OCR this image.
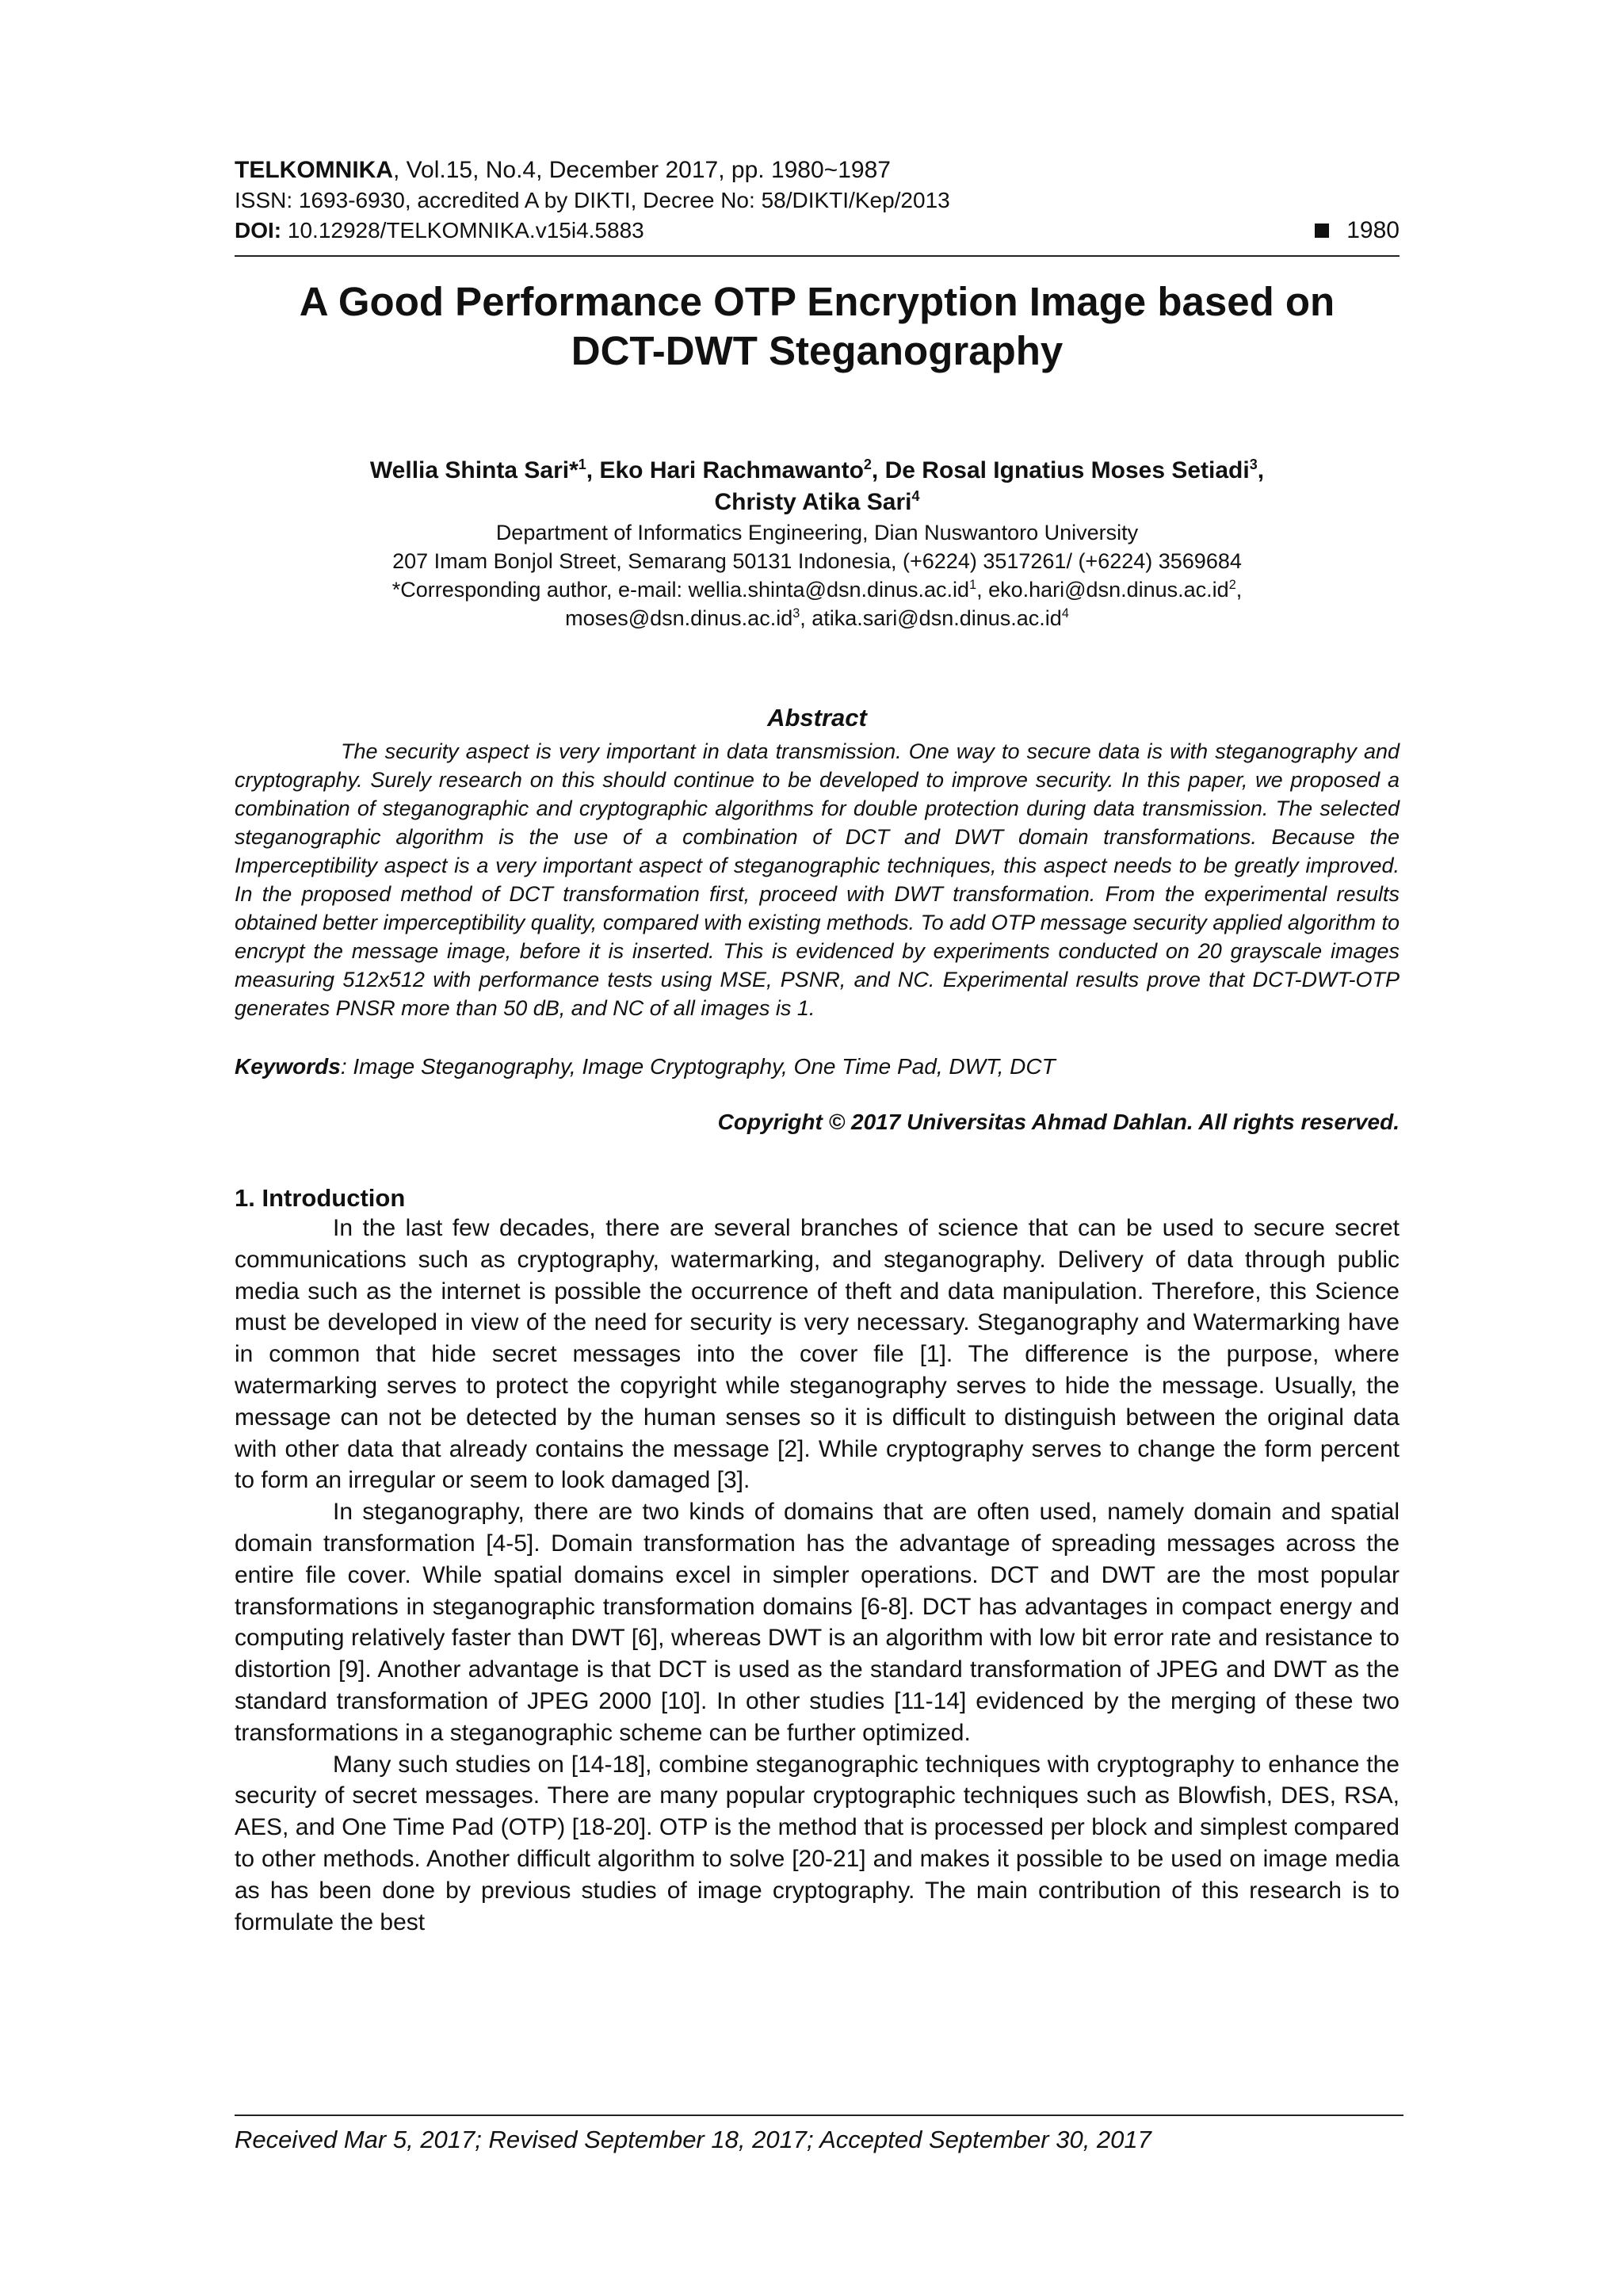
TELKOMNIKA, Vol.15, No.4, December 2017, pp. 1980~1987
ISSN: 1693-6930, accredited A by DIKTI, Decree No: 58/DIKTI/Kep/2013
DOI: 10.12928/TELKOMNIKA.v15i4.5883	1980
A Good Performance OTP Encryption Image based on
DCT-DWT Steganography
Wellia Shinta Sari*$^1$, Eko Hari Rachmawanto$^2$, De Rosal Ignatius Moses Setiadi$^3$,
Christy Atika Sari$^4$
Department of Informatics Engineering, Dian Nuswantoro University
207 Imam Bonjol Street, Semarang 50131 Indonesia, (+6224) 3517261/ (+6224) 3569684
*Corresponding author, e-mail: $wellia.shinta@dsn.dinus.ac.id^1$, $eko.hari@dsn.dinus.ac.id^2$,
$moses@dsn.dinus.ac.id^3$, $atika.sari@dsn.dinus.ac.id^4$
Abstract
The security aspect is very important in data transmission. One way to secure data is with steganography and cryptography. Surely research on this should continue to be developed to improve security. In this paper, we proposed a combination of steganographic and cryptographic algorithms for double protection during data transmission. The selected steganographic algorithm is the use of a combination of DCT and DWT domain transformations. Because the Imperceptibility aspect is a very important aspect of steganographic techniques, this aspect needs to be greatly improved. In the proposed method of DCT transformation first, proceed with DWT transformation. From the experimental results obtained better imperceptibility quality, compared with existing methods. To add OTP message security applied algorithm to encrypt the message image, before it is inserted. This is evidenced by experiments conducted on 20 grayscale images measuring 512x512 with performance tests using MSE, PSNR, and NC. Experimental results prove that DCT-DWT-OTP generates PNSR more than 50 dB, and NC of all images is 1.
Keywords: Image Steganography, Image Cryptography, One Time Pad, DWT, DCT
Copyright © 2017 Universitas Ahmad Dahlan. All rights reserved.
1. Introduction
In the last few decades, there are several branches of science that can be used to secure secret communications such as cryptography, watermarking, and steganography. Delivery of data through public media such as the internet is possible the occurrence of theft and data manipulation. Therefore, this Science must be developed in view of the need for security is very necessary. Steganography and Watermarking have in common that hide secret messages into the cover file [1]. The difference is the purpose, where watermarking serves to protect the copyright while steganography serves to hide the message. Usually, the message can not be detected by the human senses so it is difficult to distinguish between the original data with other data that already contains the message [2]. While cryptography serves to change the form percent to form an irregular or seem to look damaged [3].
In steganography, there are two kinds of domains that are often used, namely domain and spatial domain transformation [4-5]. Domain transformation has the advantage of spreading messages across the entire file cover. While spatial domains excel in simpler operations. DCT and DWT are the most popular transformations in steganographic transformation domains [6-8]. DCT has advantages in compact energy and computing relatively faster than DWT [6], whereas DWT is an algorithm with low bit error rate and resistance to distortion [9]. Another advantage is that DCT is used as the standard transformation of JPEG and DWT as the standard transformation of JPEG 2000 [10]. In other studies [11-14] evidenced by the merging of these two transformations in a steganographic scheme can be further optimized.
Many such studies on [14-18], combine steganographic techniques with cryptography to enhance the security of secret messages. There are many popular cryptographic techniques such as Blowfish, DES, RSA, AES, and One Time Pad (OTP) [18-20]. OTP is the method that is processed per block and simplest compared to other methods. Another difficult algorithm to solve [20-21] and makes it possible to be used on image media as has been done by previous studies of image cryptography. The main contribution of this research is to formulate the best
Received Mar 5, 2017; Revised September 18, 2017; Accepted September 30, 2017
